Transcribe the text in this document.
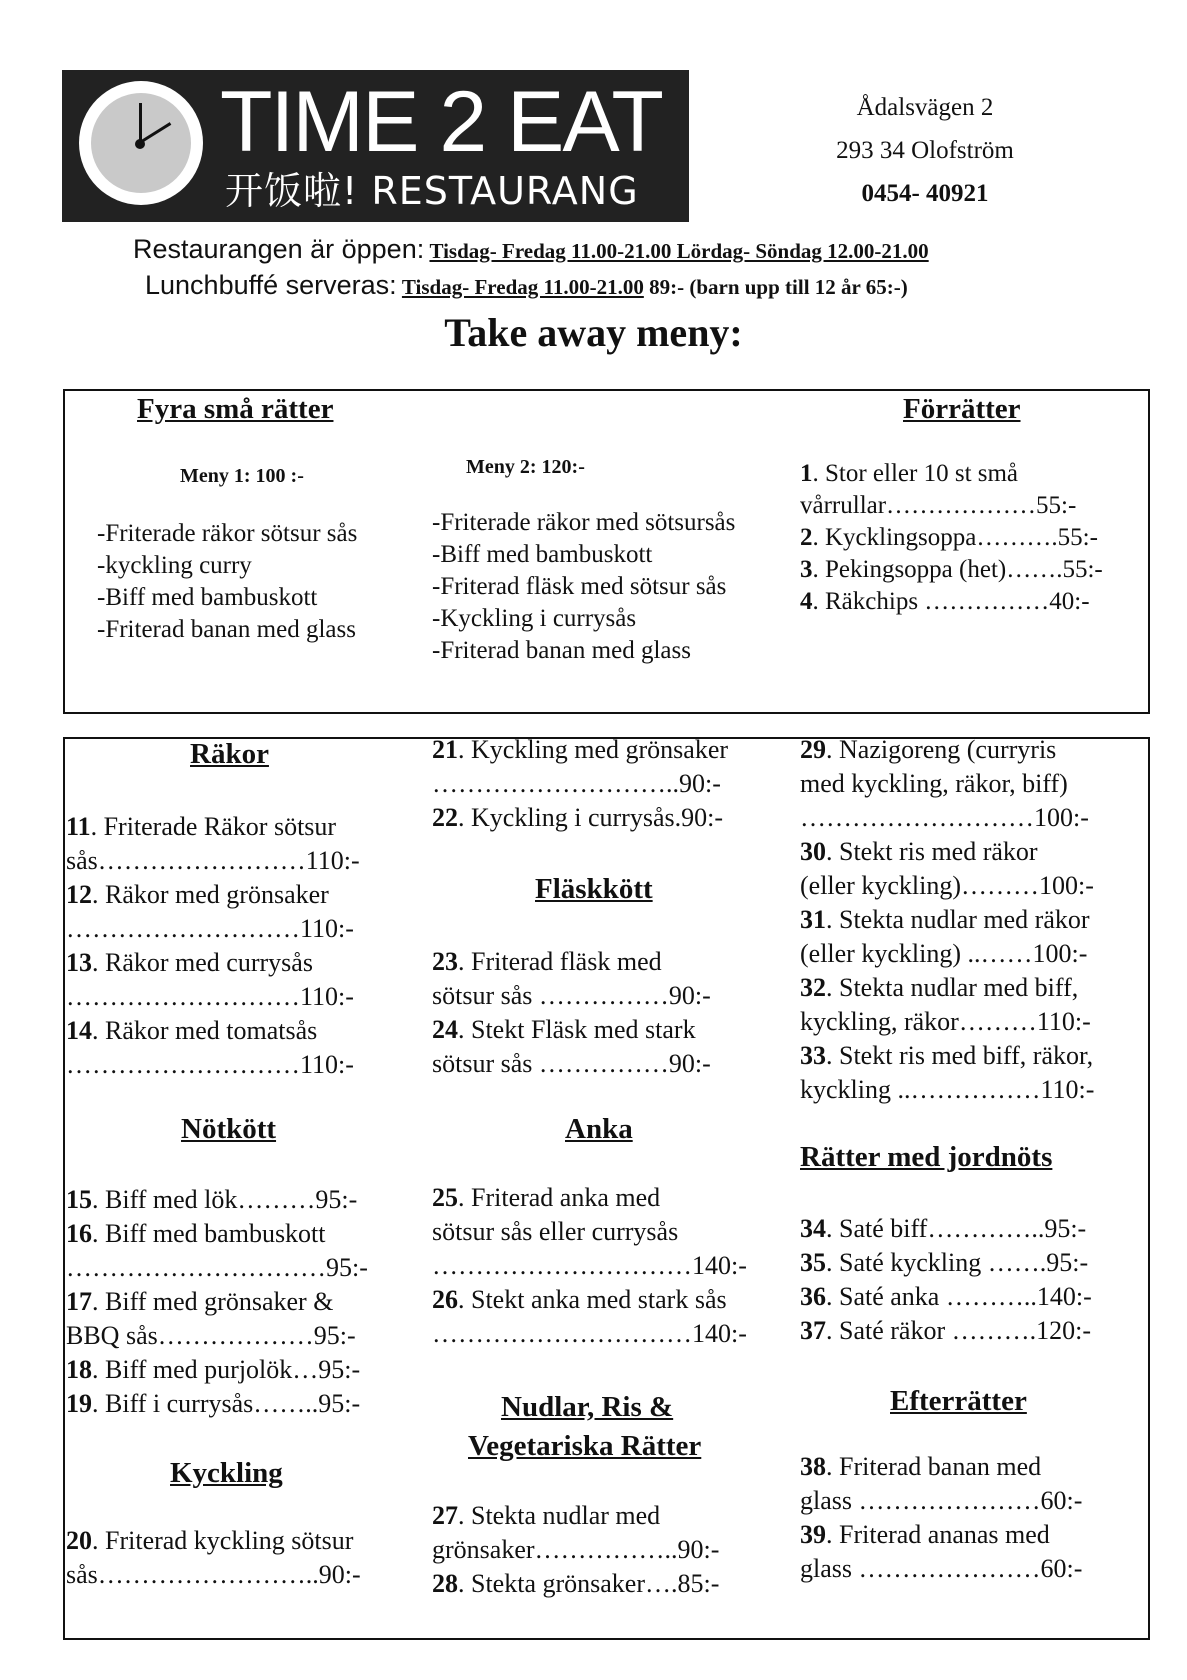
TIME 2 EAT
开饭啦! RESTAURANG
Ådalsvägen 2
293 34 Olofström
0454- 40921
Restaurangen är öppen: Tisdag- Fredag 11.00-21.00 Lördag- Söndag 12.00-21.00
Lunchbuffé serveras: Tisdag- Fredag 11.00-21.00 89:- (barn upp till 12 år 65:-)
Take away meny:
Fyra små rätter
Meny 1: 100 :-
-Friterade räkor sötsur sås
-kyckling curry
-Biff med bambuskott
-Friterad banan med glass
Meny 2: 120:-
-Friterade räkor med sötsursås
-Biff med bambuskott
-Friterad fläsk med sötsur sås
-Kyckling i currysås
-Friterad banan med glass
Förrätter
1. Stor eller 10 st små
vårrullar………………55:-
2. Kycklingsoppa……….55:-
3. Pekingsoppa (het)…….55:-
4. Räkchips ……………40:-
Räkor
11. Friterade Räkor sötsur
sås……………………110:-
12. Räkor med grönsaker
………………………110:-
13. Räkor med currysås
………………………110:-
14. Räkor med tomatsås
………………………110:-
Nötkött
15. Biff med lök………95:-
16. Biff med bambuskott
…………………………95:-
17. Biff med grönsaker &
BBQ sås………………95:-
18. Biff med purjolök…95:-
19. Biff i currysås……..95:-
Kyckling
20. Friterad kyckling sötsur
sås……………………..90:-
21. Kyckling med grönsaker
………………………..90:-
22. Kyckling i currysås.90:-
Fläskkött
23. Friterad fläsk med
sötsur sås ……………90:-
24. Stekt Fläsk med stark
sötsur sås ……………90:-
Anka
25. Friterad anka med
sötsur sås eller currysås
…………………………140:-
26. Stekt anka med stark sås
…………………………140:-
Nudlar, Ris &
Vegetariska Rätter
27. Stekta nudlar med
grönsaker……………..90:-
28. Stekta grönsaker….85:-
29. Nazigoreng (curryris
med kyckling, räkor, biff)
………………………100:-
30. Stekt ris med räkor
(eller kyckling)………100:-
31. Stekta nudlar med räkor
(eller kyckling) ..……100:-
32. Stekta nudlar med biff,
kyckling, räkor………110:-
33. Stekt ris med biff, räkor,
kyckling ..……………110:-
Rätter med jordnöts
34. Saté biff…………..95:-
35. Saté kyckling …….95:-
36. Saté anka ………..140:-
37. Saté räkor ……….120:-
Efterrätter
38. Friterad banan med
glass …………………60:-
39. Friterad ananas med
glass …………………60:-
